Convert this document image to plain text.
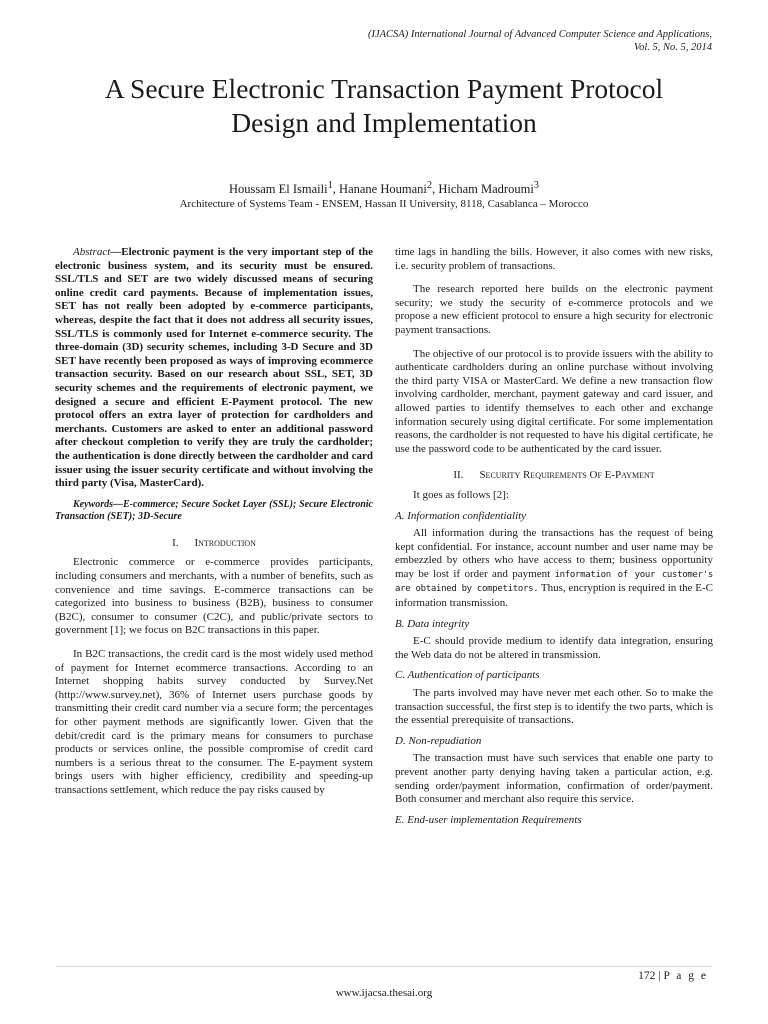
(IJACSA) International Journal of Advanced Computer Science and Applications,
Vol. 5, No. 5, 2014
A Secure Electronic Transaction Payment Protocol
Design and Implementation
Houssam El Ismaili$^1$, Hanane Houmani$^2$, Hicham Madroumi$^3$
Architecture of Systems Team - ENSEM, Hassan II University, 8118, Casablanca – Morocco

Abstract—Electronic payment is the very important step of the electronic business system, and its security must be ensured. SSL/TLS and SET are two widely discussed means of securing online credit card payments. Because of implementation issues, SET has not really been adopted by e-commerce participants, whereas, despite the fact that it does not address all security issues, SSL/TLS is commonly used for Internet e-commerce security. The three-domain (3D) security schemes, including 3-D Secure and 3D SET have recently been proposed as ways of improving ecommerce transaction security. Based on our research about SSL, SET, 3D security schemes and the requirements of electronic payment, we designed a secure and efficient E-Payment protocol. The new protocol offers an extra layer of protection for cardholders and merchants. Customers are asked to enter an additional password after checkout completion to verify they are truly the cardholder; the authentication is done directly between the cardholder and card issuer using the issuer security certificate and without involving the third party (Visa, MasterCard).

Keywords—E-commerce; Secure Socket Layer (SSL); Secure Electronic Transaction (SET); 3D-Secure

I. Introduction

Electronic commerce or e-commerce provides participants, including consumers and merchants, with a number of benefits, such as convenience and time savings. E-commerce transactions can be categorized into business to business (B2B), business to consumer (B2C), consumer to consumer (C2C), and public/private sectors to government [1]; we focus on B2C transactions in this paper.

In B2C transactions, the credit card is the most widely used method of payment for Internet ecommerce transactions. According to an Internet shopping habits survey conducted by Survey.Net (http://www.survey.net), 36% of Internet users purchase goods by transmitting their credit card number via a secure form; the percentages for other payment methods are significantly lower. Given that the debit/credit card is the primary means for consumers to purchase products or services online, the possible compromise of credit card numbers is a serious threat to the consumer. The E-payment system brings users with higher efficiency, credibility and speeding-up transactions settlement, which reduce the pay risks caused by

time lags in handling the bills. However, it also comes with new risks, i.e. security problem of transactions.

The research reported here builds on the electronic payment security; we study the security of e-commerce protocols and we propose a new efficient protocol to ensure a high security for electronic payment transactions.

The objective of our protocol is to provide issuers with the ability to authenticate cardholders during an online purchase without involving the third party VISA or MasterCard. We define a new transaction flow involving cardholder, merchant, payment gateway and card issuer, and allowed parties to identify themselves to each other and exchange information securely using digital certificate. For some implementation reasons, the cardholder is not requested to have his digital certificate, he use the password code to be authenticated by the card issuer.

II. Security Requirements Of E-Payment

It goes as follows [2]:

A. Information confidentiality

All information during the transactions has the request of being kept confidential. For instance, account number and user name may be embezzled by others who have access to them; business opportunity may be lost if order and payment information of your customer's are obtained by competitors. Thus, encryption is required in the E-C information transmission.

B. Data integrity

E-C should provide medium to identify data integration, ensuring the Web data do not be altered in transmission.

C. Authentication of participants

The parts involved may have never met each other. So to make the transaction successful, the first step is to identify the two parts, which is the essential prerequisite of transactions.

D. Non-repudiation

The transaction must have such services that enable one party to prevent another party denying having taken a particular action, e.g. sending order/payment information, confirmation of order/payment. Both consumer and merchant also require this service.

E. End-user implementation Requirements
172 | P a g e
www.ijacsa.thesai.org
